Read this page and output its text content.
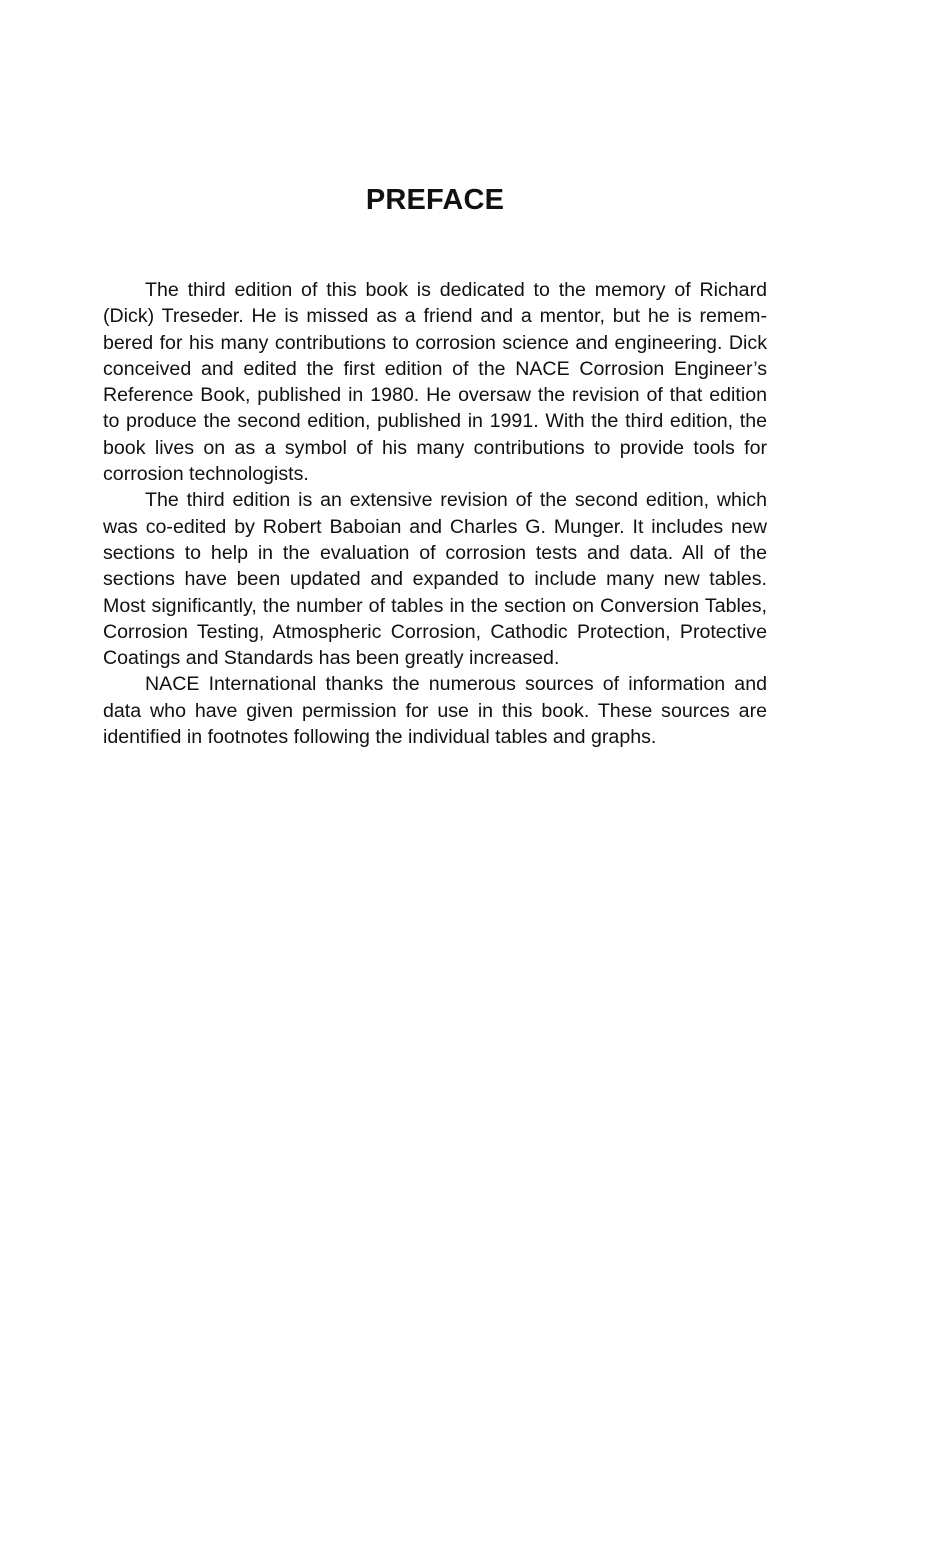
PREFACE

The third edition of this book is dedicated to the memory of Richard (Dick) Treseder. He is missed as a friend and a mentor, but he is remembered for his many contributions to corrosion science and engineering. Dick conceived and edited the first edition of the NACE Corrosion Engineer’s Reference Book, published in 1980. He oversaw the revision of that edition to produce the second edition, published in 1991. With the third edition, the book lives on as a symbol of his many contributions to provide tools for corrosion technologists.

The third edition is an extensive revision of the second edition, which was co-edited by Robert Baboian and Charles G. Munger. It includes new sections to help in the evaluation of corrosion tests and data. All of the sections have been updated and expanded to include many new tables. Most significantly, the number of tables in the section on Conversion Tables, Corrosion Testing, Atmospheric Corrosion, Cathodic Protection, Protective Coatings and Standards has been greatly increased.

NACE International thanks the numerous sources of information and data who have given permission for use in this book. These sources are identified in footnotes following the individual tables and graphs.
